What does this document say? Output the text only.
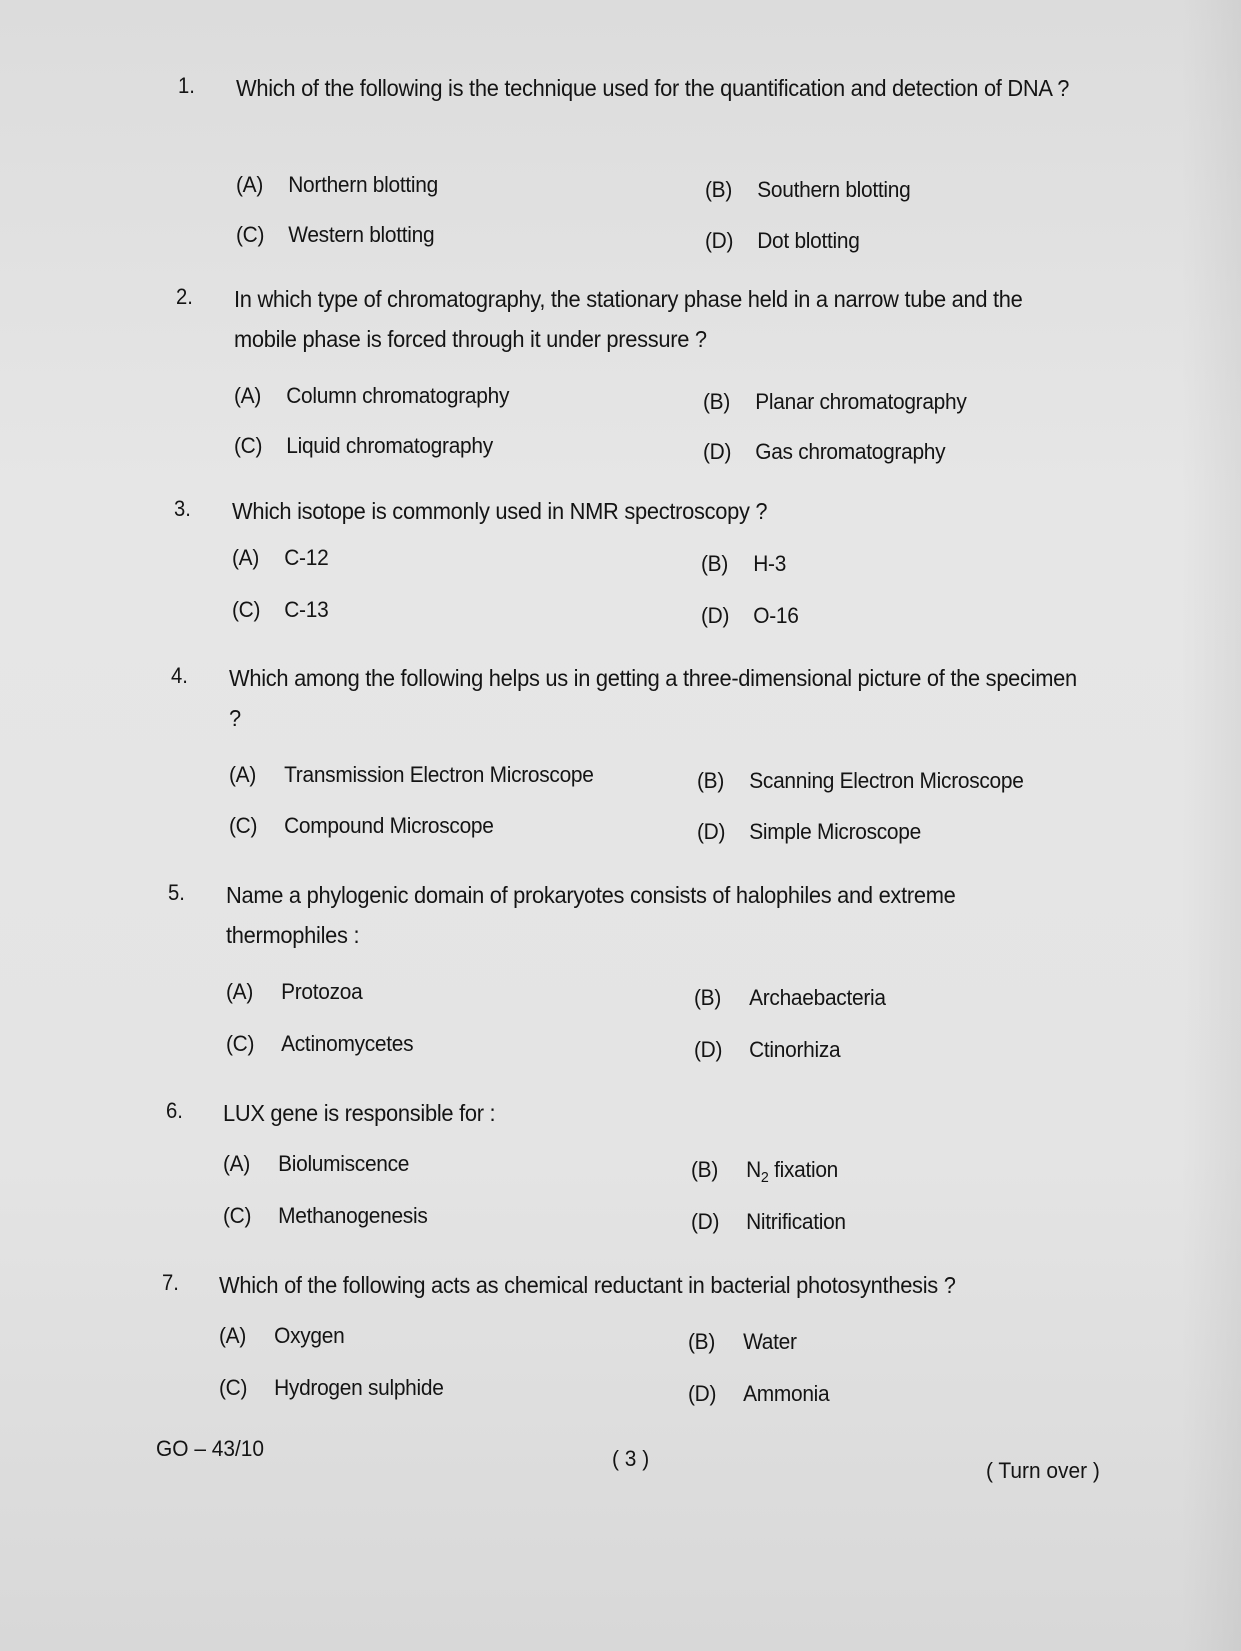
1. Which of the following is the technique used for the quantification and detection of DNA ?
(A) Northern blotting	(B) Southern blotting
(C) Western blotting	(D) Dot blotting
2. In which type of chromatography, the stationary phase held in a narrow tube and the mobile phase is forced through it under pressure ?
(A) Column chromatography	(B) Planar chromatography
(C) Liquid chromatography	(D) Gas chromatography
3. Which isotope is commonly used in NMR spectroscopy ?
(A) C-12	(B) H-3
(C) C-13	(D) O-16
4. Which among the following helps us in getting a three-dimensional picture of the specimen ?
(A) Transmission Electron Microscope	(B) Scanning Electron Microscope
(C) Compound Microscope	(D) Simple Microscope
5. Name a phylogenic domain of prokaryotes consists of halophiles and extreme thermophiles :
(A) Protozoa	(B) Archaebacteria
(C) Actinomycetes	(D) Ctinorhiza
6. LUX gene is responsible for :
(A) Biolumiscence	(B) $N_2$ fixation
(C) Methanogenesis	(D) Nitrification
7. Which of the following acts as chemical reductant in bacterial photosynthesis ?
(A) Oxygen	(B) Water
(C) Hydrogen sulphide	(D) Ammonia
GO – 43/10	( 3 )	( Turn over )
